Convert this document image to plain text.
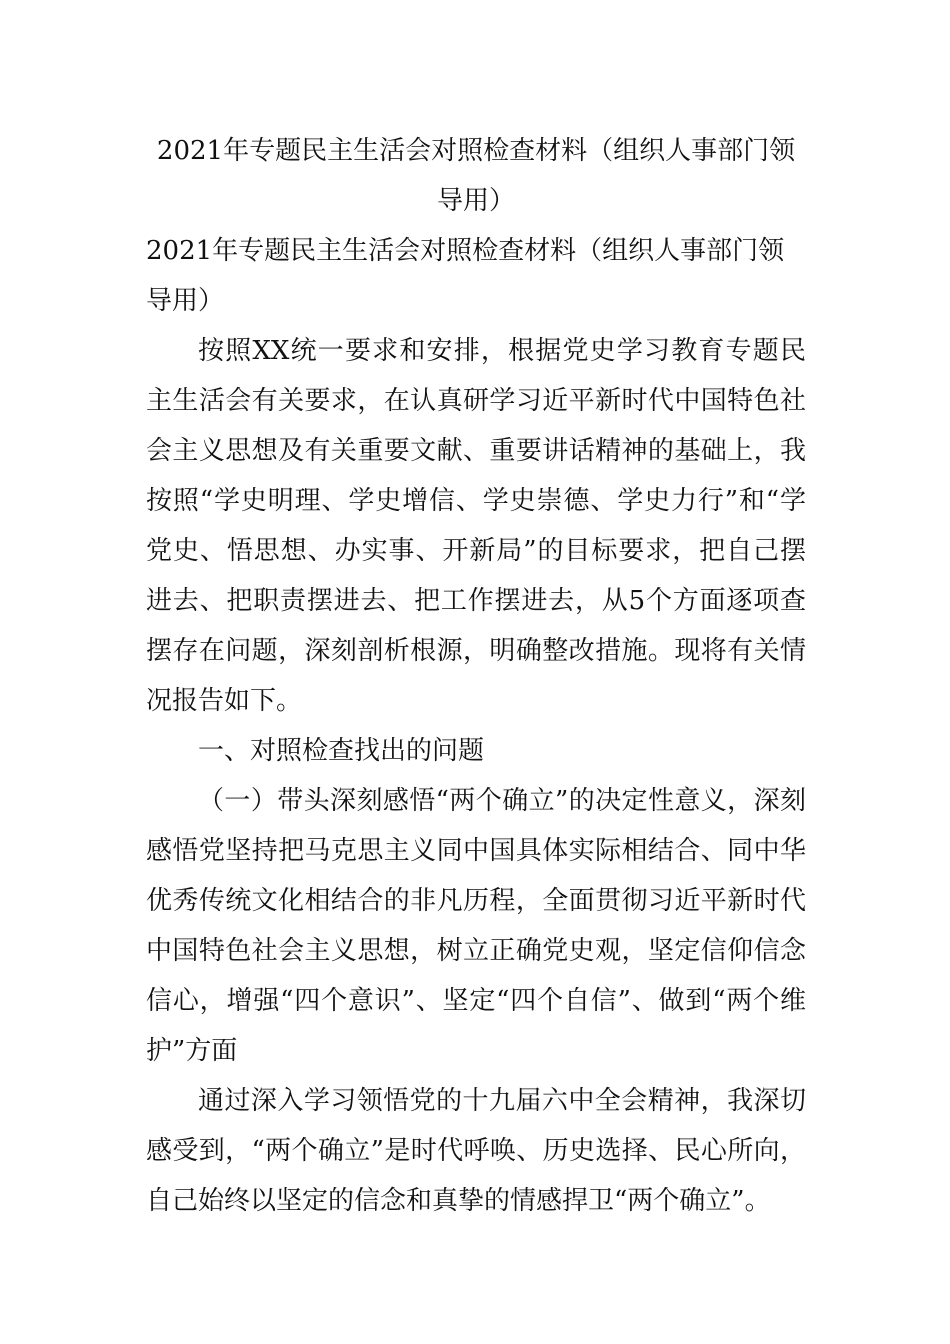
2021年专题民主生活会对照检查材料（组织人事部门领导用）
2021年专题民主生活会对照检查材料（组织人事部门领导用）

按照XX统一要求和安排，根据党史学习教育专题民主生活会有关要求，在认真研学习近平新时代中国特色社会主义思想及有关重要文献、重要讲话精神的基础上，我按照“学史明理、学史增信、学史崇德、学史力行”和“学党史、悟思想、办实事、开新局”的目标要求，把自己摆进去、把职责摆进去、把工作摆进去，从5个方面逐项查摆存在问题，深刻剖析根源，明确整改措施。现将有关情况报告如下。

一、对照检查找出的问题

（一）带头深刻感悟“两个确立”的决定性意义，深刻感悟党坚持把马克思主义同中国具体实际相结合、同中华优秀传统文化相结合的非凡历程，全面贯彻习近平新时代中国特色社会主义思想，树立正确党史观，坚定信仰信念信心，增强“四个意识”、坚定“四个自信”、做到“两个维护”方面

通过深入学习领悟党的十九届六中全会精神，我深切感受到，“两个确立”是时代呼唤、历史选择、民心所向，自己始终以坚定的信念和真挚的情感捍卫“两个确立”。
